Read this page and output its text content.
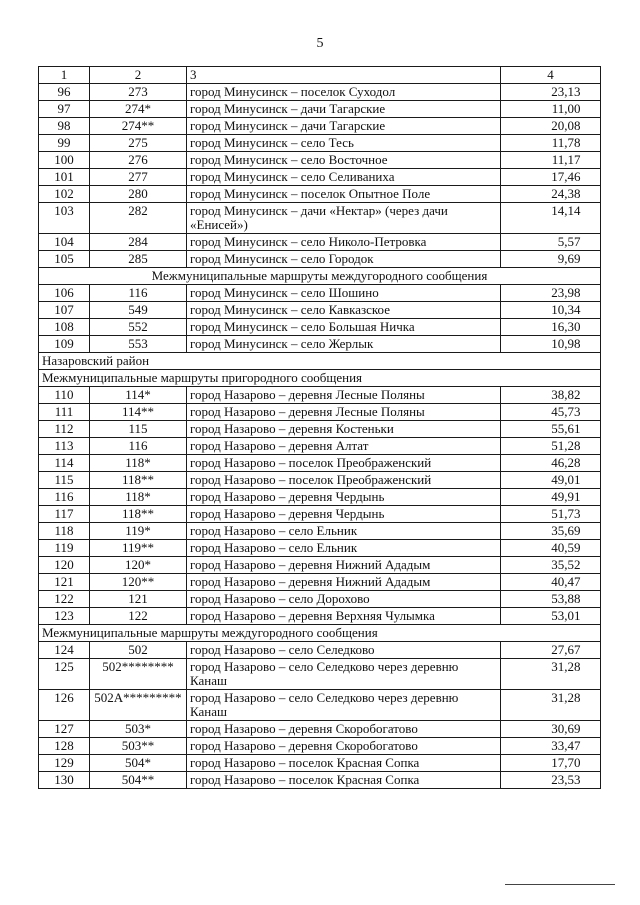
5
1	2	3	4
96	273	город Минусинск – поселок Суходол	23,13
97	274*	город Минусинск – дачи Тагарские	11,00
98	274**	город Минусинск – дачи Тагарские	20,08
99	275	город Минусинск – село Тесь	11,78
100	276	город Минусинск – село Восточное	11,17
101	277	город Минусинск – село Селиваниха	17,46
102	280	город Минусинск – поселок Опытное Поле	24,38
103	282	город Минусинск – дачи «Нектар» (через дачи «Енисей»)	14,14
104	284	город Минусинск – село Николо-Петровка	5,57
105	285	город Минусинск – село Городок	9,69
Межмуниципальные маршруты междугородного сообщения			
106	116	город Минусинск – село Шошино	23,98
107	549	город Минусинск – село Кавказское	10,34
108	552	город Минусинск – село Большая Ничка	16,30
109	553	город Минусинск – село Жерлык	10,98
Назаровский район			
Межмуниципальные маршруты пригородного сообщения			
110	114*	город Назарово – деревня Лесные Поляны	38,82
111	114**	город Назарово – деревня Лесные Поляны	45,73
112	115	город Назарово – деревня Костеньки	55,61
113	116	город Назарово – деревня Алтат	51,28
114	118*	город Назарово – поселок Преображенский	46,28
115	118**	город Назарово – поселок Преображенский	49,01
116	118*	город Назарово – деревня Чердынь	49,91
117	118**	город Назарово – деревня Чердынь	51,73
118	119*	город Назарово – село Ельник	35,69
119	119**	город Назарово – село Ельник	40,59
120	120*	город Назарово – деревня Нижний Ададым	35,52
121	120**	город Назарово – деревня Нижний Ададым	40,47
122	121	город Назарово – село Дорохово	53,88
123	122	город Назарово – деревня Верхняя Чулымка	53,01
Межмуниципальные маршруты междугородного сообщения			
124	502	город Назарово – село Селедково	27,67
125	502********	город Назарово – село Селедково через деревню Канаш	31,28
126	502А*********	город Назарово – село Селедково через деревню Канаш	31,28
127	503*	город Назарово – деревня Скоробогатово	30,69
128	503**	город Назарово – деревня Скоробогатово	33,47
129	504*	город Назарово – поселок Красная Сопка	17,70
130	504**	город Назарово – поселок Красная Сопка	23,53
